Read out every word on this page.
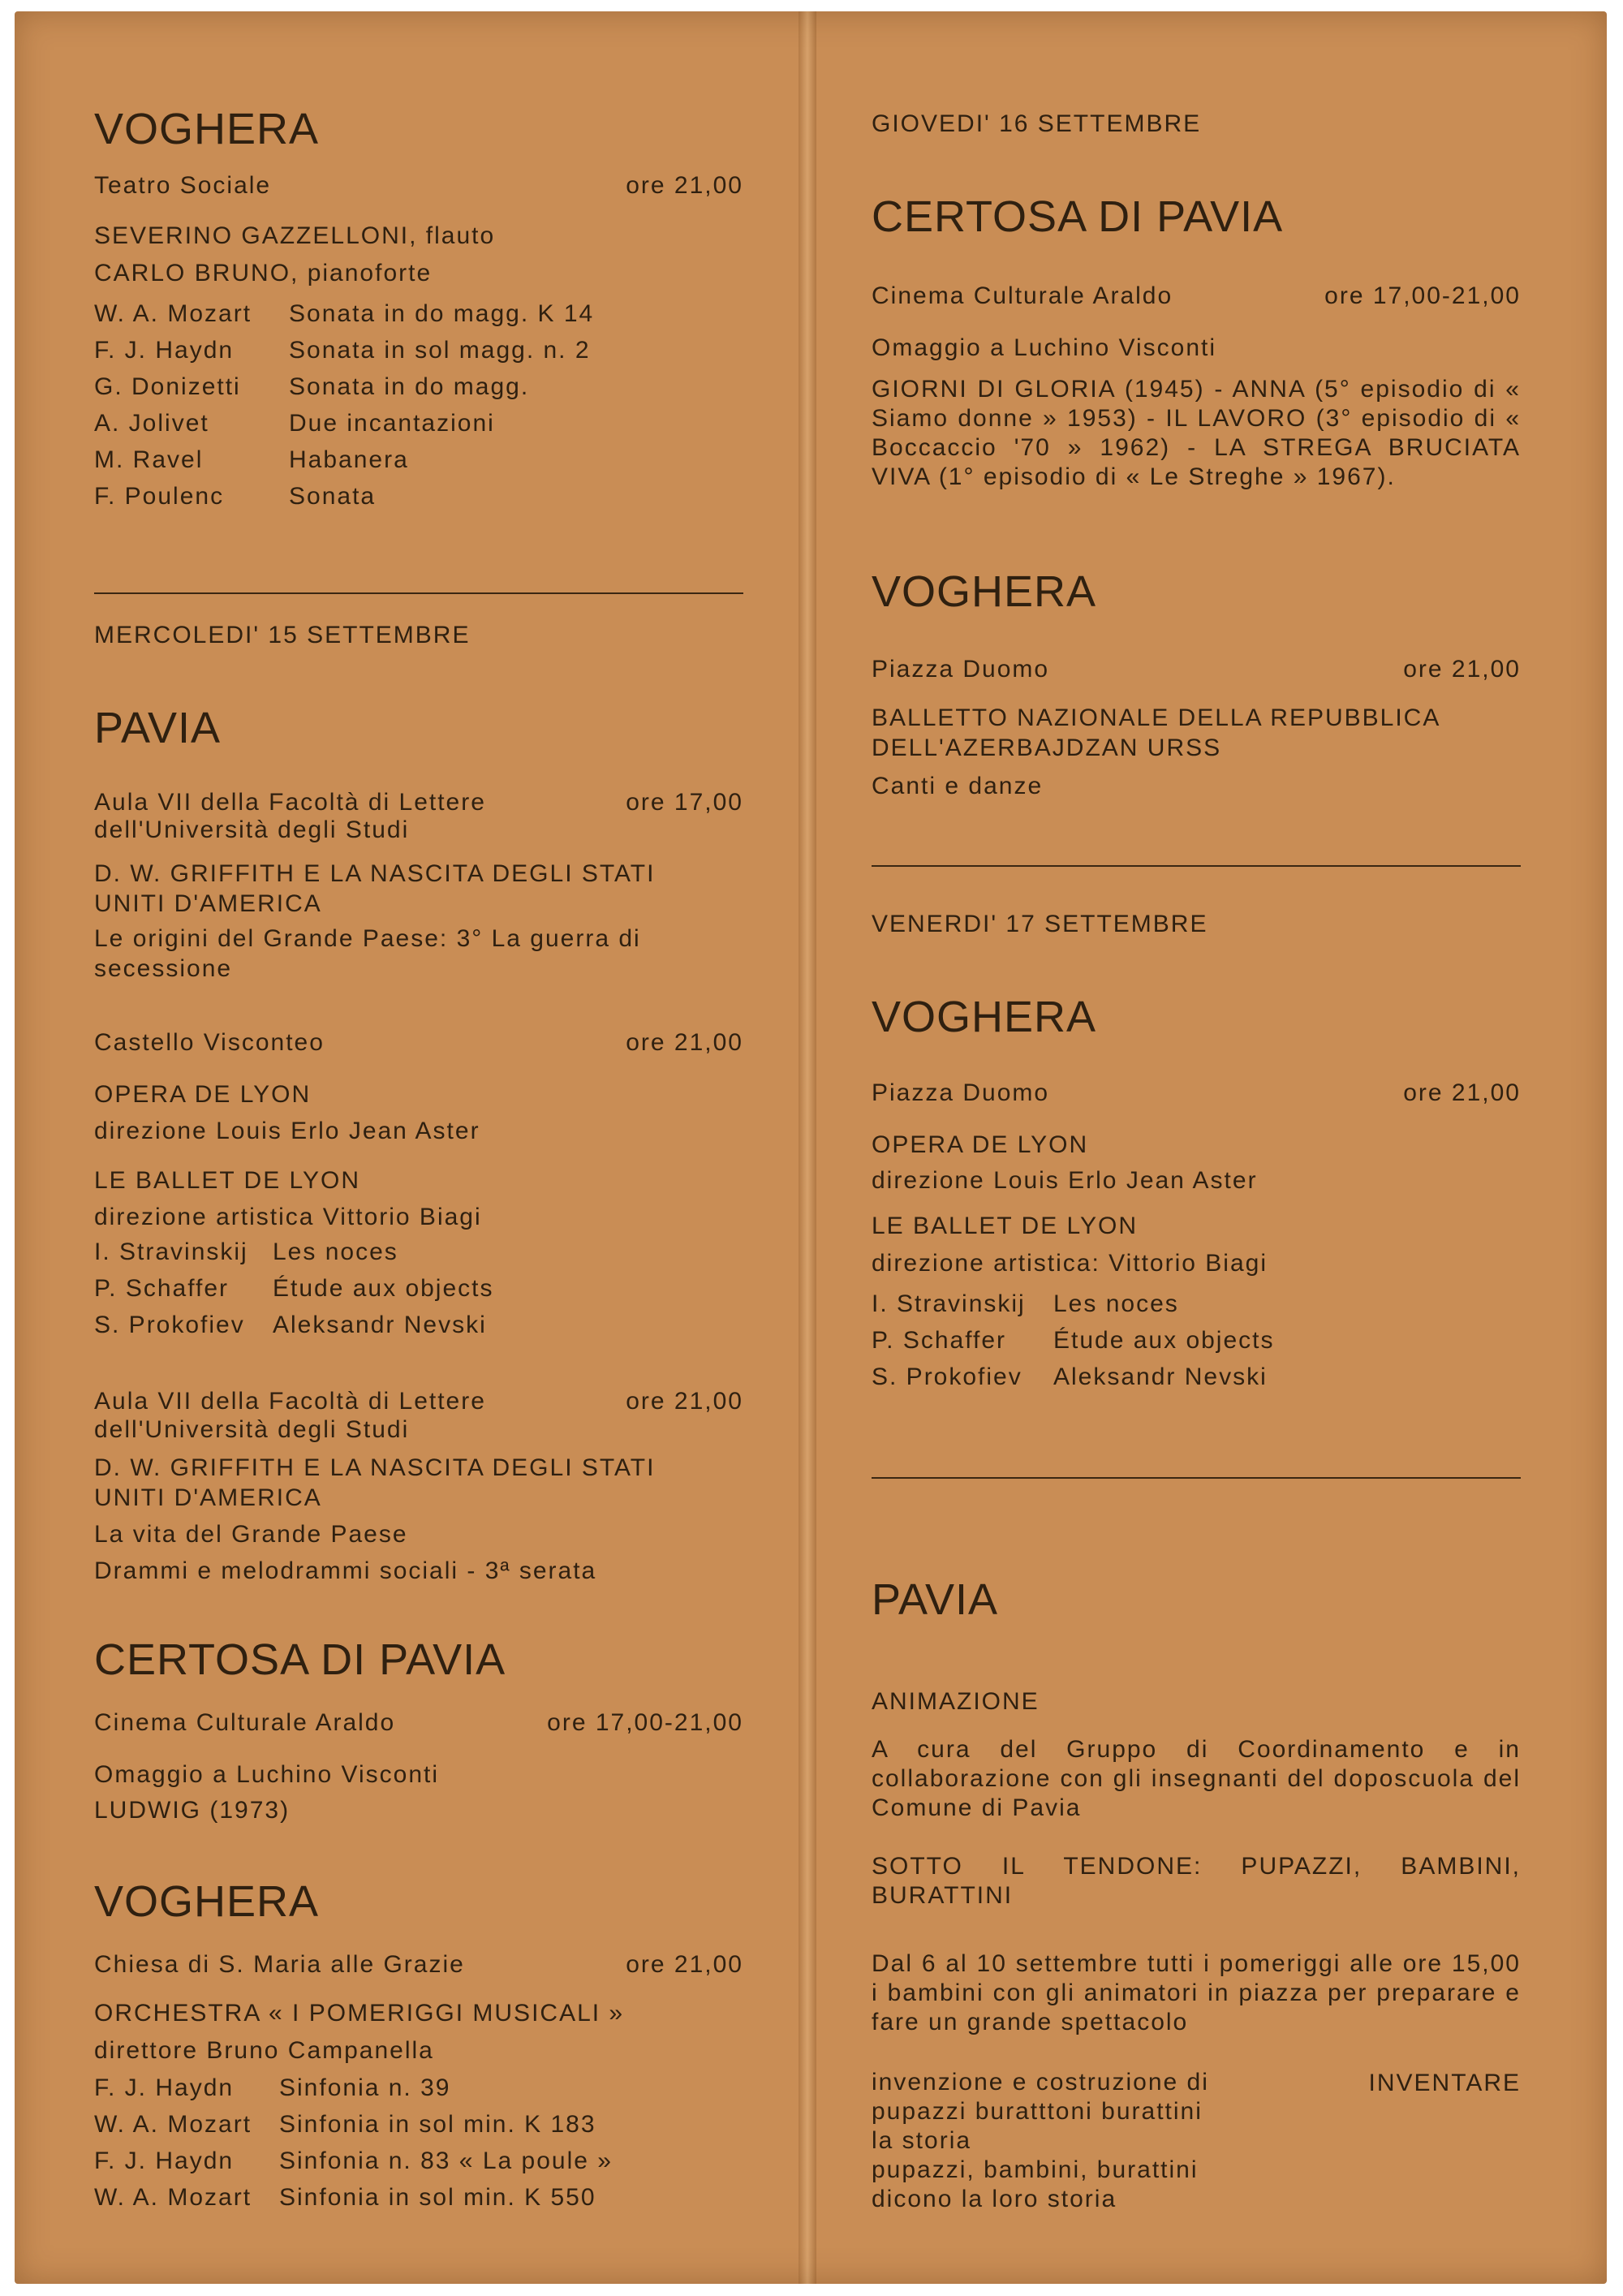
VOGHERA
Teatro Sociale	ore 21,00
SEVERINO GAZZELLONI, flauto
CARLO BRUNO, pianoforte
W. A. Mozart	Sonata in do magg. K 14
F. J. Haydn	Sonata in sol magg. n. 2
G. Donizetti	Sonata in do magg.
A. Jolivet	Due incantazioni
M. Ravel	Habanera
F. Poulenc	Sonata
MERCOLEDI' 15 SETTEMBRE
PAVIA
Aula VII della Facoltà di Lettere	ore 17,00
dell'Università degli Studi
D. W. GRIFFITH E LA NASCITA DEGLI STATI
UNITI D'AMERICA
Le origini del Grande Paese: 3° La guerra di
secessione
Castello Visconteo	ore 21,00
OPERA DE LYON
direzione Louis Erlo Jean Aster
LE BALLET DE LYON
direzione artistica Vittorio Biagi
I. Stravinskij	Les noces
P. Schaffer	Étude aux objects
S. Prokofiev	Aleksandr Nevski
Aula VII della Facoltà di Lettere	ore 21,00
dell'Università degli Studi
D. W. GRIFFITH E LA NASCITA DEGLI STATI
UNITI D'AMERICA
La vita del Grande Paese
Drammi e melodrammi sociali - 3ª serata
CERTOSA DI PAVIA
Cinema Culturale Araldo	ore 17,00-21,00
Omaggio a Luchino Visconti
LUDWIG (1973)
VOGHERA
Chiesa di S. Maria alle Grazie	ore 21,00
ORCHESTRA « I POMERIGGI MUSICALI »
direttore Bruno Campanella
F. J. Haydn	Sinfonia n. 39
W. A. Mozart	Sinfonia in sol min. K 183
F. J. Haydn	Sinfonia n. 83 « La poule »
W. A. Mozart	Sinfonia in sol min. K 550
GIOVEDI' 16 SETTEMBRE
CERTOSA DI PAVIA
Cinema Culturale Araldo	ore 17,00-21,00
Omaggio a Luchino Visconti
GIORNI DI GLORIA (1945) - ANNA (5° episodio di « Siamo donne » 1953) - IL LAVORO (3° episodio di « Boccaccio '70 » 1962) - LA STREGA BRUCIATA VIVA (1° episodio di « Le Streghe » 1967).
VOGHERA
Piazza Duomo	ore 21,00
BALLETTO NAZIONALE DELLA REPUBBLICA
DELL'AZERBAJDZAN URSS
Canti e danze
VENERDI' 17 SETTEMBRE
VOGHERA
Piazza Duomo	ore 21,00
OPERA DE LYON
direzione Louis Erlo Jean Aster
LE BALLET DE LYON
direzione artistica: Vittorio Biagi
I. Stravinskij	Les noces
P. Schaffer	Étude aux objects
S. Prokofiev	Aleksandr Nevski
PAVIA
ANIMAZIONE
A cura del Gruppo di Coordinamento e in collaborazione con gli insegnanti del doposcuola del Comune di Pavia
SOTTO IL TENDONE: PUPAZZI, BAMBINI, BURATTINI
Dal 6 al 10 settembre tutti i pomeriggi alle ore 15,00 i bambini con gli animatori in piazza per preparare e fare un grande spettacolo
invenzione e costruzione di
pupazzi buratttoni burattini
la storia
pupazzi, bambini, burattini
dicono la loro storia
INVENTARE
